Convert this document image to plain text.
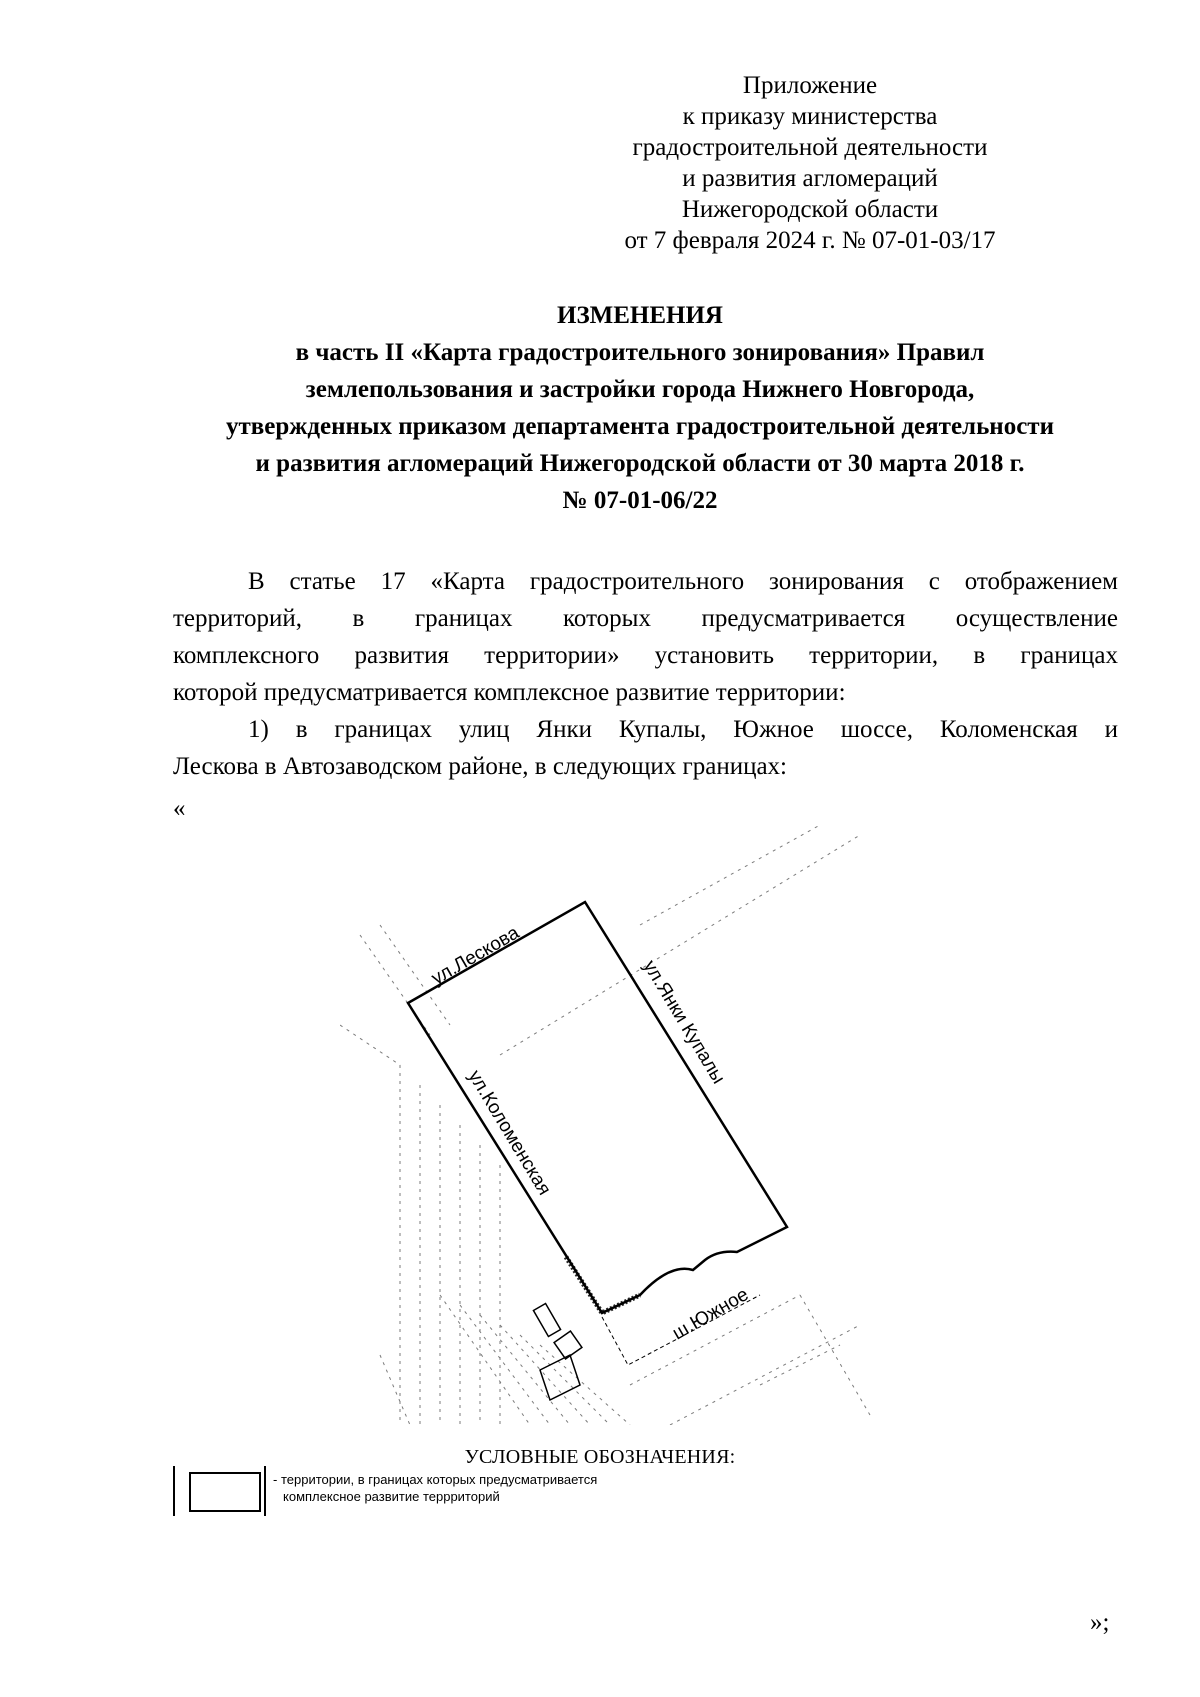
Приложение
к приказу министерства
градостроительной деятельности
и развития агломераций
Нижегородской области
от 7 февраля 2024 г. № 07-01-03/17
ИЗМЕНЕНИЯ
в часть II «Карта градостроительного зонирования» Правил
землепользования и застройки города Нижнего Новгорода,
утвержденных приказом департамента градостроительной деятельности
и развития агломераций Нижегородской области от 30 марта 2018 г.
№ 07-01-06/22
В статье 17 «Карта градостроительного зонирования с отображением
территорий, в границах которых предусматривается осуществление
комплексного развития территории» установить территории, в границах
которой предусматривается комплексное развитие территории:
1) в границах улиц Янки Купалы, Южное шоссе, Коломенская и
Лескова в Автозаводском районе, в следующих границах:
«
ул.Лескова
ул.Янки Купалы
ул.Коломенская
ш.Южное
УСЛОВНЫЕ ОБОЗНАЧЕНИЯ:
- территории, в границах которых предусматривается
комплексное развитие террриторий
»;
